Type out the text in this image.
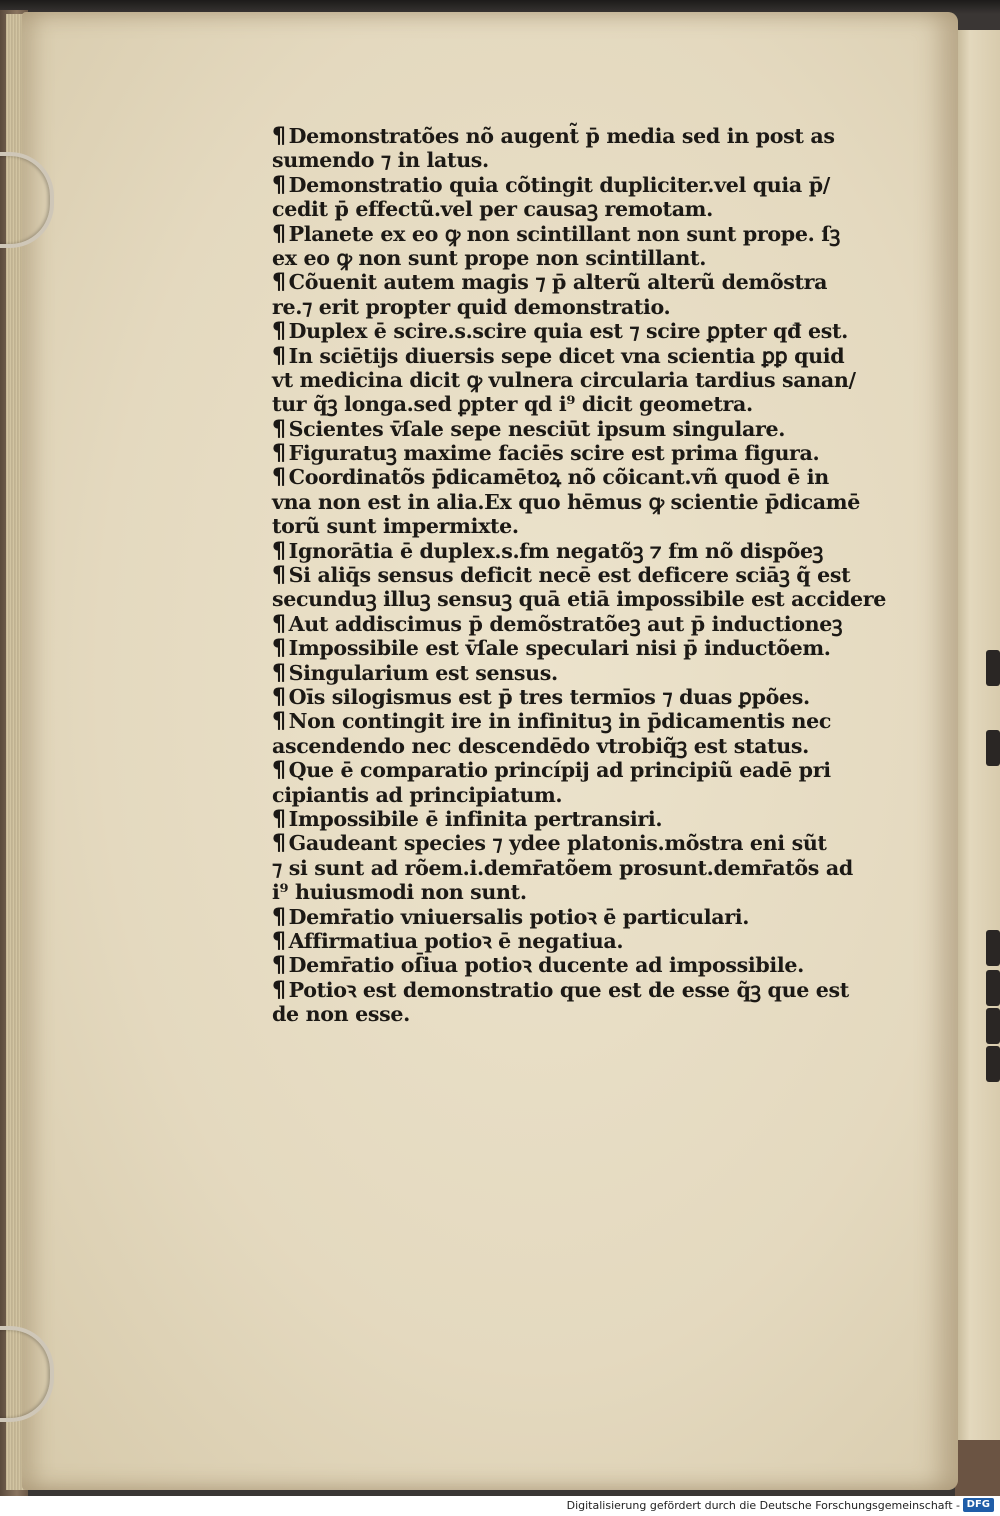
¶ Demonstratões nõ augent̃ p̄ media sed in post as
sumendo ⁊ in latus.
¶ Demonstratio quia cõtingit dupliciter.vel quia p̄/
cedit p̄ effectũ.vel per causaꝫ remotam.
¶ Planete ex eo ꝙ non scintillant non sunt prope. ſꝫ
ex eo ꝙ non sunt prope non scintillant.
¶ Cõuenit autem magis ⁊ p̄ alterũ alterũ demõstra
re.⁊ erit propter quid demonstratio.
¶ Duplex ē scire.s.scire quia est ⁊ scire ꝑpter qđ est.
¶ In sciētijs diuersis sepe dicet vna scientia ꝑꝑ quid
vt medicina dicit ꝙ vulnera circularia tardius sanan/
tur q̃ꝫ longa.sed ꝑpter qd i⁹ dicit geometra.
¶ Scientes v̄ſale sepe nesciūt ipsum singulare.
¶ Figuratuꝫ maxime faciēs scire est prima figura.
¶ Coordinatõs p̄dicamētoꝝ nõ cõicant.vñ quod ē in
vna non est in alia.Ex quo hēmus ꝙ scientie p̄dicamē
torũ sunt impermixte.
¶ Ignorātia ē duplex.s.fm negatõꝫ ⁊ fm nõ dispõeꝫ
¶ Si aliq̄s sensus deficit necē est deficere sciāꝫ q̃ est
secunduꝫ illuꝫ sensuꝫ quā etiā impossibile est accidere
¶ Aut addiscimus p̄ demõstratõeꝫ aut p̄ inductioneꝫ
¶ Impossibile est v̄ſale speculari nisi p̄ inductõem.
¶ Singularium est sensus.
¶ Oīs silogismus est p̄ tres termīos ⁊ duas ꝑpões.
¶ Non contingit ire in infinituꝫ in p̄dicamentis nec
ascendendo nec descendēdo vtrobiq̃ꝫ est status.
¶ Que ē comparatio princípij ad principiũ eadē pri
cipiantis ad principiatum.
¶ Impossibile ē infinita pertransiri.
¶ Gaudeant species ⁊ ydee platonis.mõstra eni sũt
⁊ si sunt ad rõem.i.demr̄atõem prosunt.demr̄atõs ad
i⁹ huiusmodi non sunt.
¶ Demr̄atio vniuersalis potioꝛ ē particulari.
¶ Affirmatiua potioꝛ ē negatiua.
¶ Demr̄atio oſ̄iua potioꝛ ducente ad impossibile.
¶ Potioꝛ est demonstratio que est de esse q̃ꝫ que est
de non esse.
Digitalisierung gefördert durch die Deutsche Forschungsgemeinschaft - DFG
